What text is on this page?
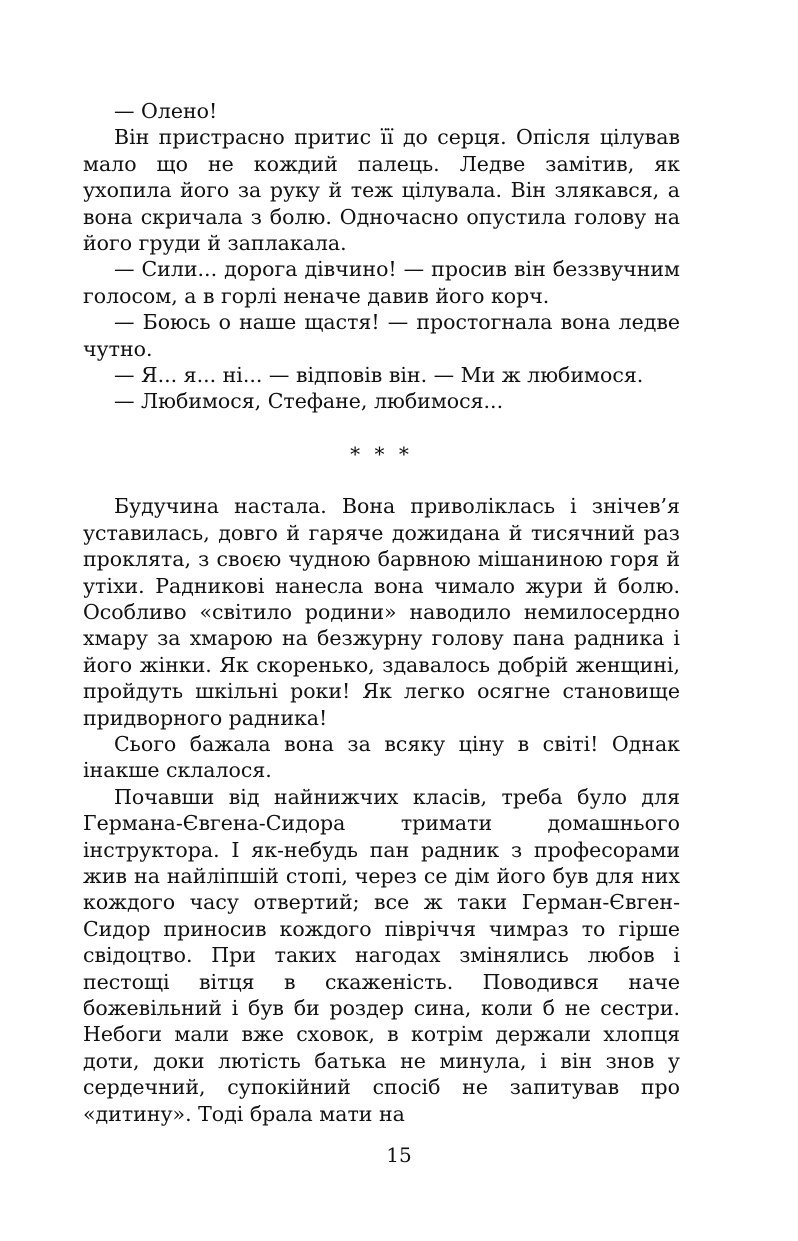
— Олено!

Він пристрасно притис її до серця. Опісля цілував мало що не кождий палець. Ледве замітив, як ухопила його за руку й теж цілувала. Він злякався, а вона скричала з болю. Одночасно опустила голову на його груди й заплакала.

— Сили... дорога дівчино! — просив він беззвучним голосом, а в горлі неначе давив його корч.

— Боюсь о наше щастя! — простогнала вона ледве чутно.

— Я... я... ні... — відповів він. — Ми ж любимося.

— Любимося, Стефане, любимося...

* * *

Будучина настала. Вона приволіклась і знічев’я уставилась, довго й гаряче дожидана й тисячний раз проклята, з своєю чудною барвною мішаниною горя й утіхи. Радникові нанесла вона чимало жури й болю. Особливо «світило родини» наводило немилосердно хмару за хмарою на безжурну голову пана радника і його жінки. Як скоренько, здавалось добрій женщині, пройдуть шкільні роки! Як легко осягне становище придворного радника!

Сього бажала вона за всяку ціну в світі! Однак інакше склалося.

Почавши від найнижчих класів, треба було для Германа-Євгена-Сидора тримати домашнього інструктора. І як-небудь пан радник з професорами жив на найліпшій стопі, через се дім його був для них кождого часу отвертий; все ж таки Герман-Євген-Сидор приносив кождого півріччя чимраз то гірше свідоцтво. При таких нагодах змінялись любов і пестощі вітця в скаженість. Поводився наче божевільний і був би роздер сина, коли б не сестри. Небоги мали вже сховок, в котрім держали хлопця доти, доки лютість батька не минула, і він знов у сердечний, супокійний спосіб не запитував про «дитину». Тоді брала мати на

15
